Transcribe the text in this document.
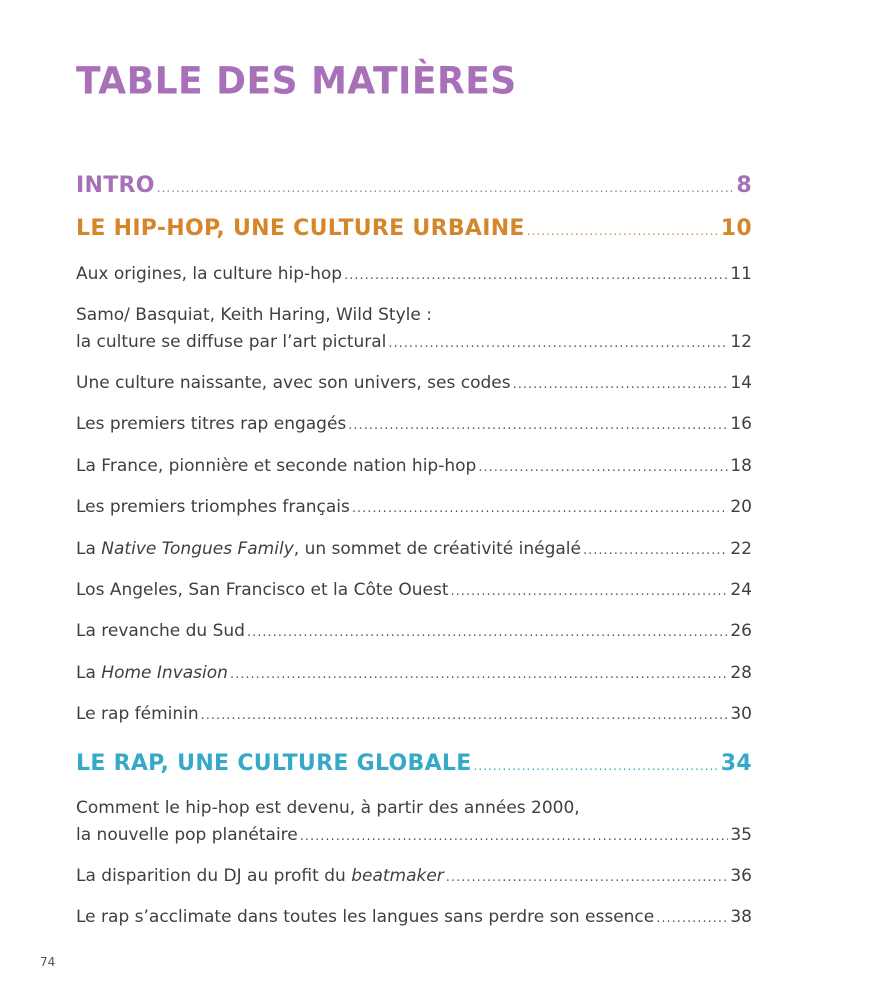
TABLE DES MATIÈRES
INTRO .....	8
LE HIP-HOP, UNE CULTURE URBAINE .....	10
Aux origines, la culture hip-hop .....	11
Samo/ Basquiat, Keith Haring, Wild Style :
la culture se diffuse par l’art pictural .....	12
Une culture naissante, avec son univers, ses codes .....	14
Les premiers titres rap engagés .....	16
La France, pionnière et seconde nation hip-hop .....	18
Les premiers triomphes français .....	20
La Native Tongues Family, un sommet de créativité inégalé .....	22
Los Angeles, San Francisco et la Côte Ouest .....	24
La revanche du Sud .....	26
La Home Invasion .....	28
Le rap féminin .....	30
LE RAP, UNE CULTURE GLOBALE .....	34
Comment le hip-hop est devenu, à partir des années 2000,
la nouvelle pop planétaire .....	35
La disparition du DJ au profit du beatmaker .....	36
Le rap s’acclimate dans toutes les langues sans perdre son essence .....	38
74
